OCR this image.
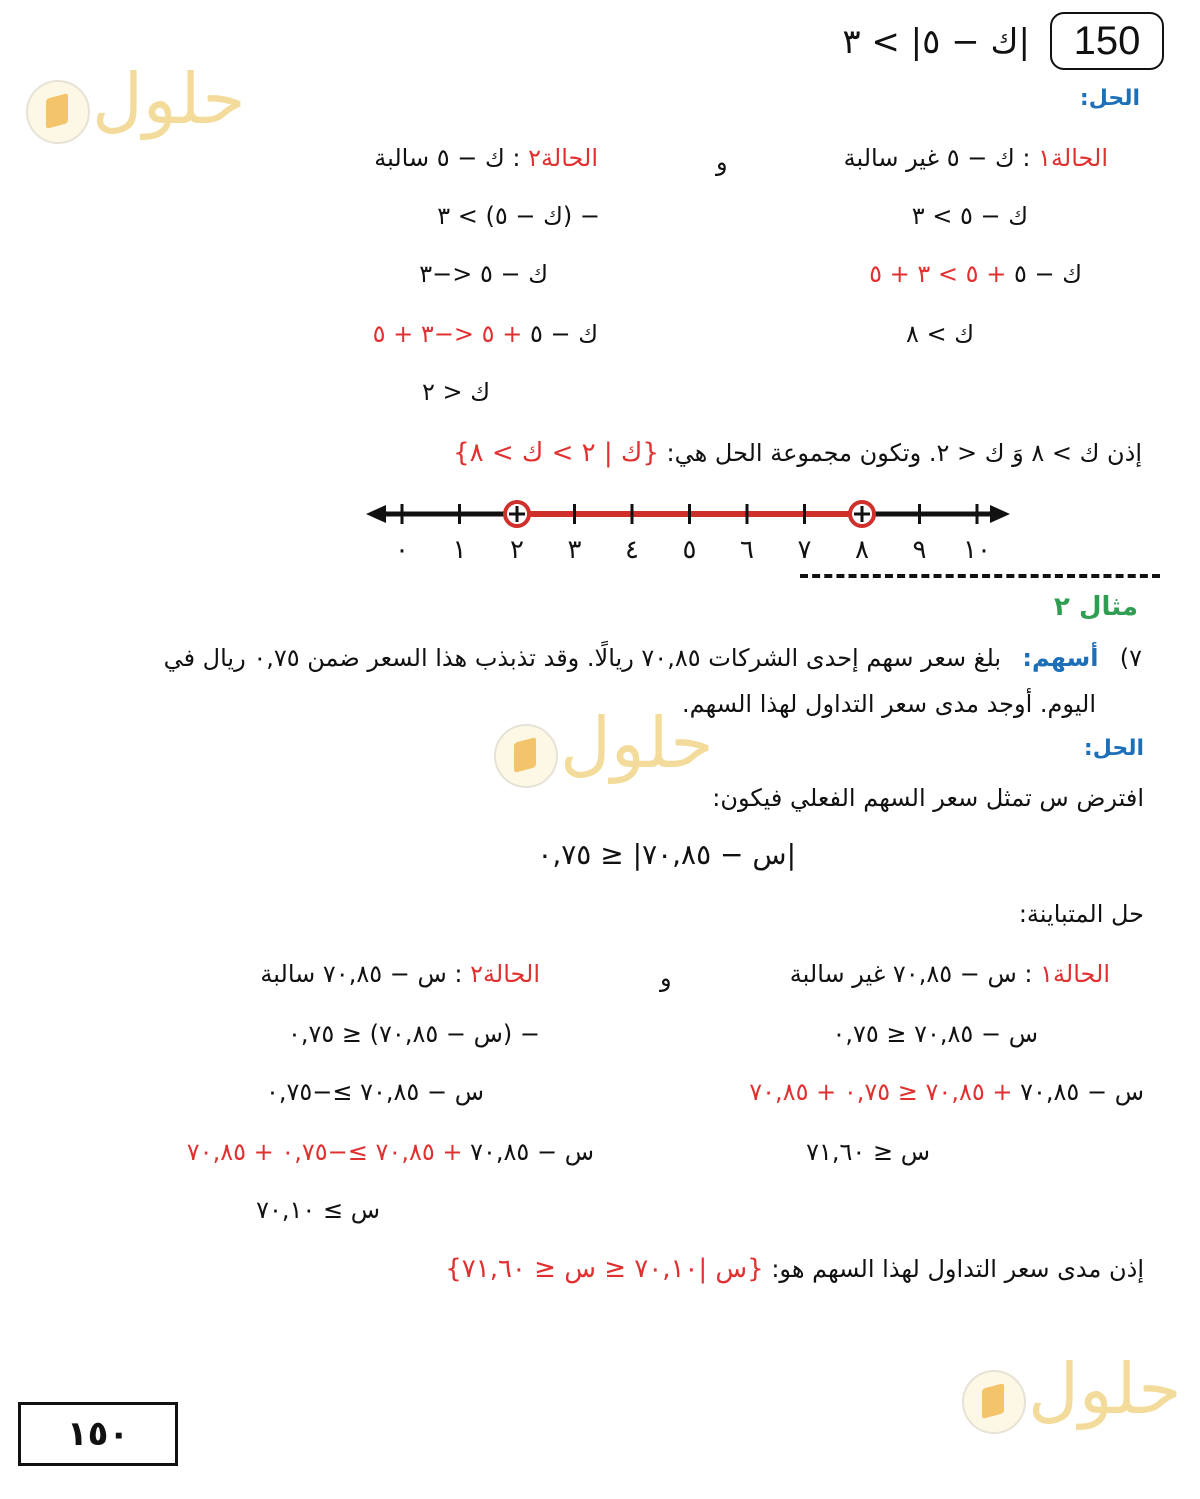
150
|ك − ٥| > ٣
الحل:
حلول
حلول
حلول
الحالة١ : ك − ٥ غير سالبة
و
الحالة٢ : ك − ٥ سالبة
ك − ٥ > ٣
ك − ٥ + ٥ > ٣ + ٥
ك > ٨
− (ك − ٥) > ٣
ك − ٥ <−٣
ك − ٥ + ٥ <−٣ + ٥
ك < ٢
إذن ك > ٨ وَ ك < ٢. وتكون مجموعة الحل هي: {ك | ٢ > ك > ٨}
٠ ١ ٢ ٣ ٤ ٥ ٦ ٧ ٨ ٩ ١٠
مثال ٢
٧)  أسهم:  بلغ سعر سهم إحدى الشركات ٧٠,٨٥ ريالًا. وقد تذبذب هذا السعر ضمن ٠,٧٥ ريال في
اليوم. أوجد مدى سعر التداول لهذا السهم.
الحل:
افترض س تمثل سعر السهم الفعلي فيكون:
|س − ٧٠,٨٥| ≤ ٠,٧٥
حل المتباينة:
الحالة١ : س − ٧٠,٨٥ غير سالبة
و
الحالة٢ : س − ٧٠,٨٥ سالبة
س − ٧٠,٨٥ ≤ ٠,٧٥
س − ٧٠,٨٥ + ٧٠,٨٥ ≤ ٠,٧٥ + ٧٠,٨٥
س ≤ ٧١,٦٠
− (س − ٧٠,٨٥) ≤ ٠,٧٥
س − ٧٠,٨٥ ≥−٠,٧٥
س − ٧٠,٨٥ + ٧٠,٨٥ ≥−٠,٧٥ + ٧٠,٨٥
س ≥ ٧٠,١٠
إذن مدى سعر التداول لهذا السهم هو: {س |٧٠,١٠ ≤ س ≤ ٧١,٦٠}
١٥٠
